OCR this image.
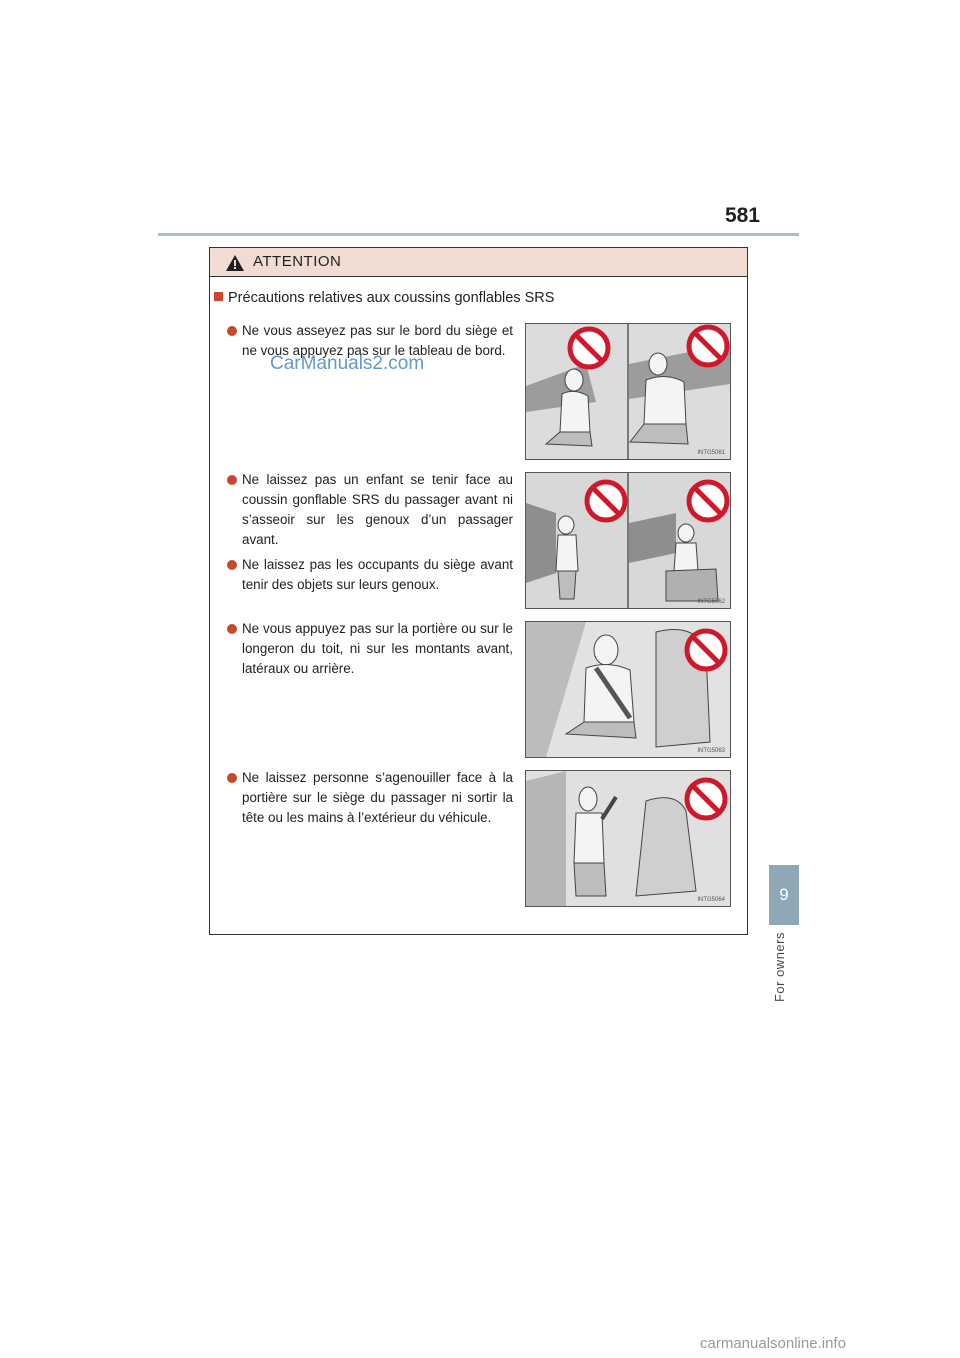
581
9
For owners
ATTENTION
Précautions relatives aux coussins gonflables SRS
Ne vous asseyez pas sur le bord du siège et ne vous appuyez pas sur le tableau de bord.
Ne laissez pas un enfant se tenir face au coussin gonflable SRS du passager avant ni s’asseoir sur les genoux d’un passager avant.
Ne laissez pas les occupants du siège avant tenir des objets sur leurs genoux.
Ne vous appuyez pas sur la portière ou sur le longeron du toit, ni sur les montants avant, latéraux ou arrière.
Ne laissez personne s’agenouiller face à la portière sur le siège du passager ni sortir la tête ou les mains à l’extérieur du véhicule.
INTG5061
INTG5062
INTG5063
INTG5064
CarManuals2.com
carmanualsonline.info
